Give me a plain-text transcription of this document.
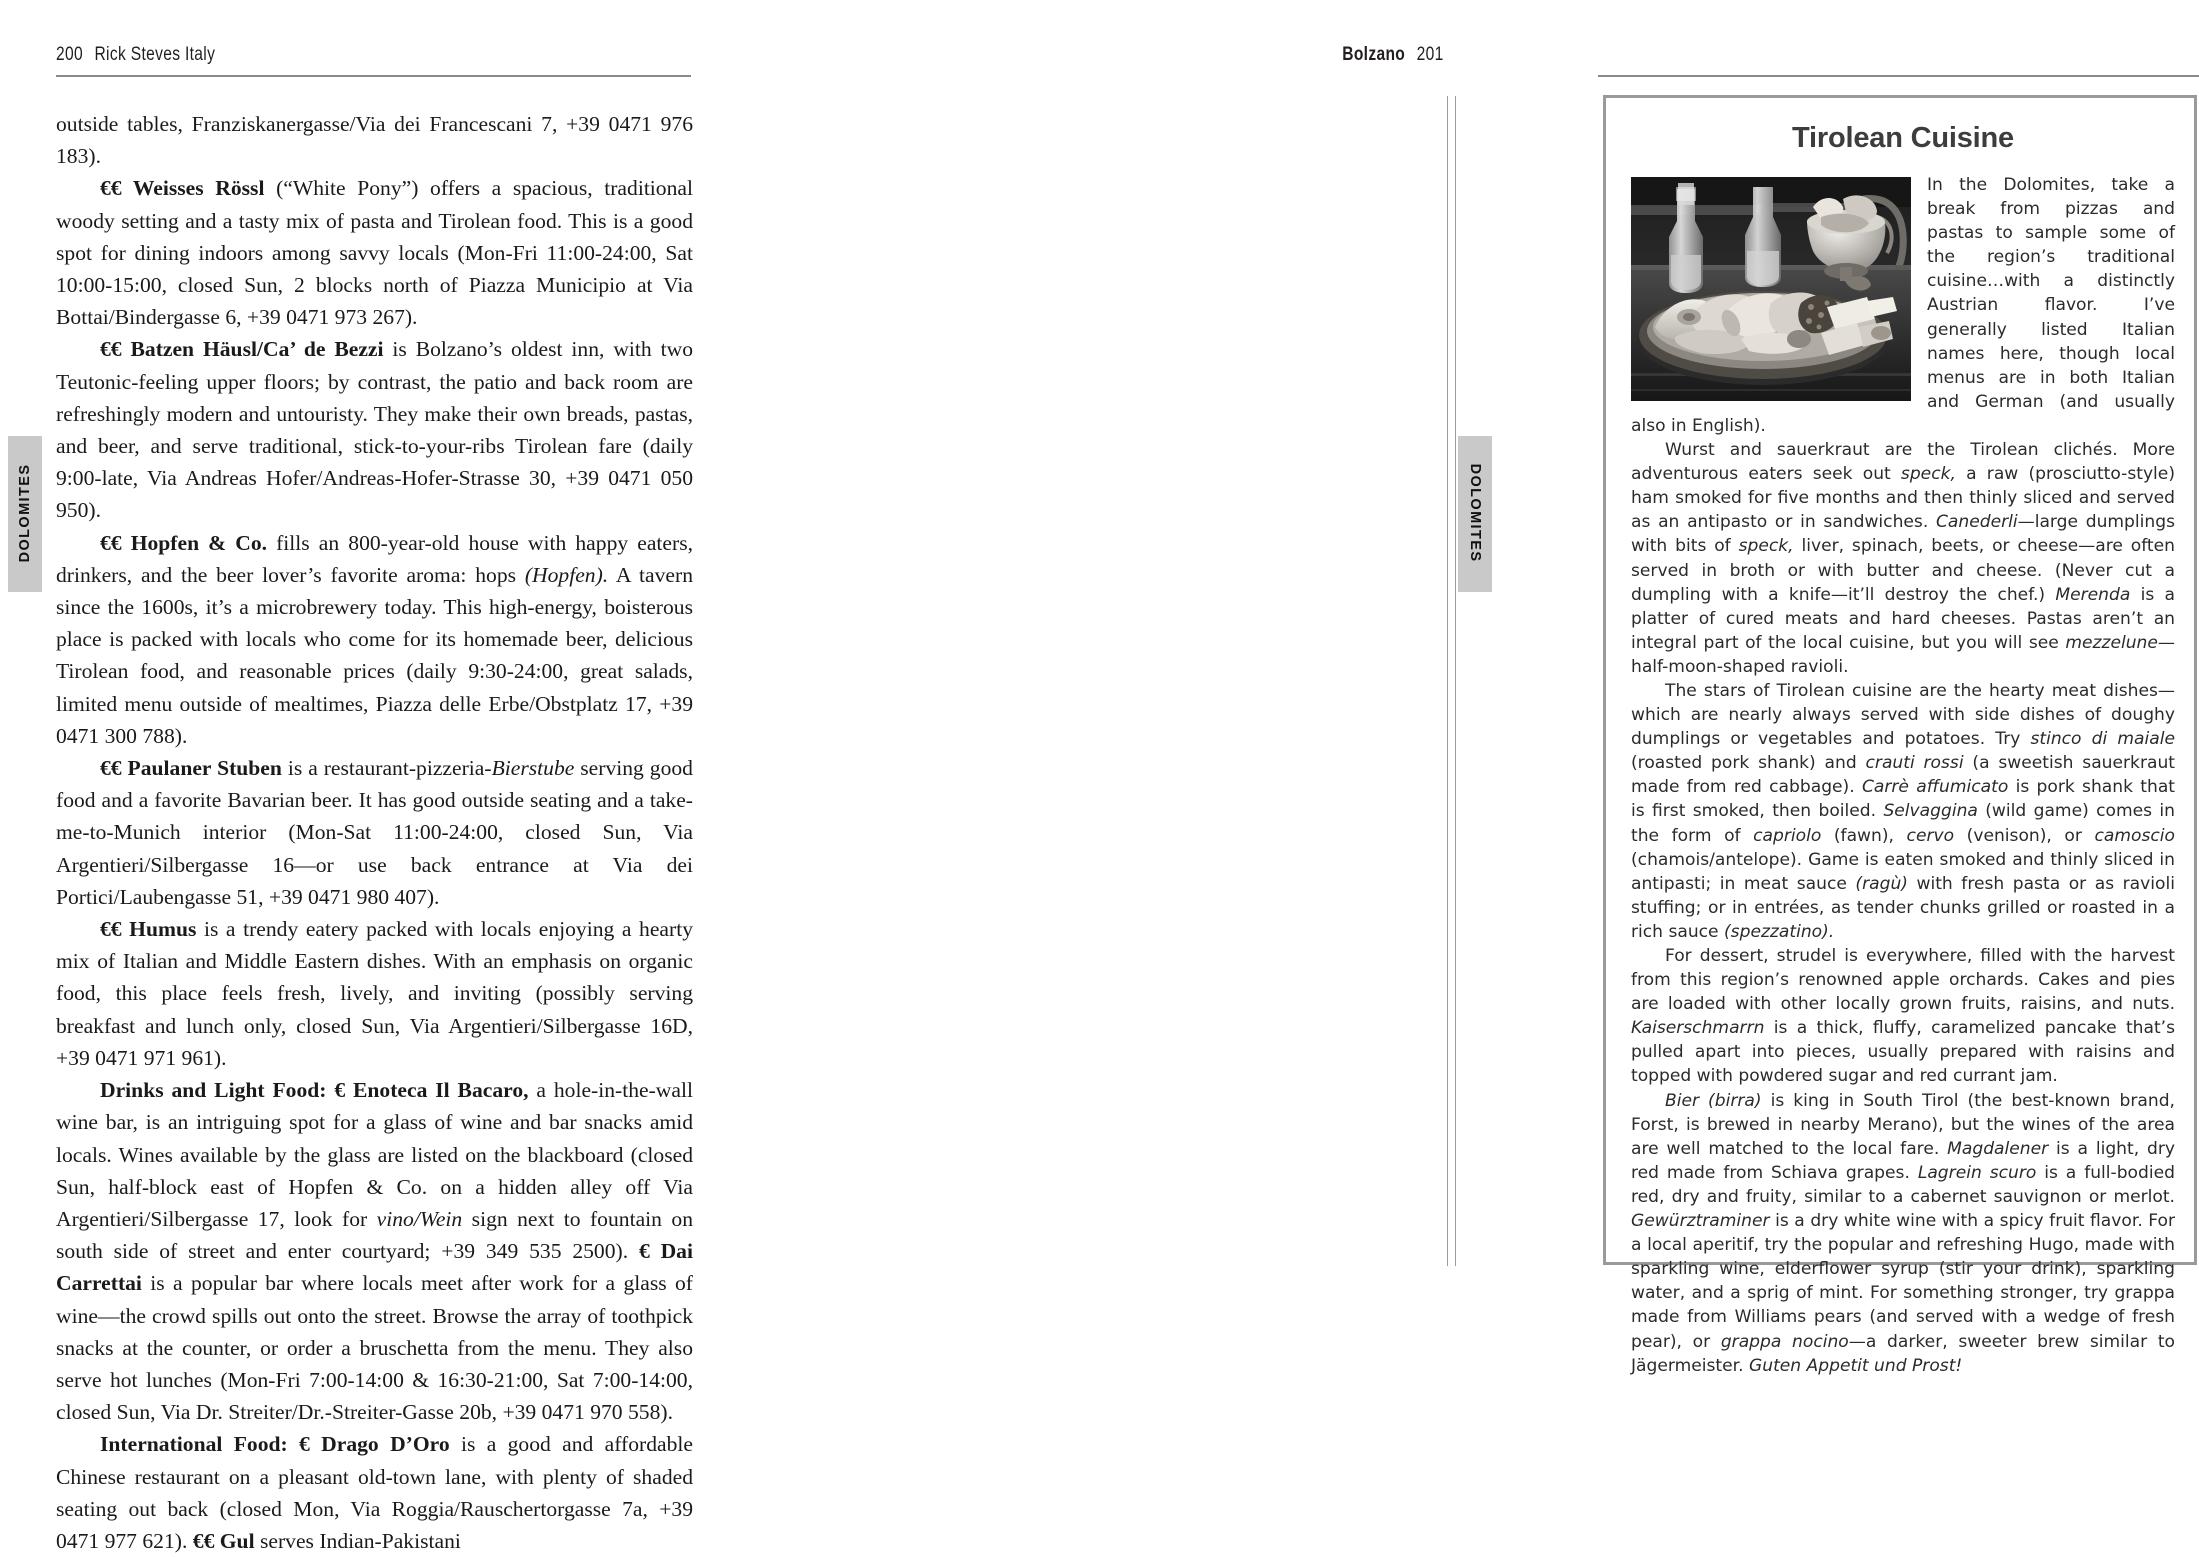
200 Rick Steves Italy
DOLOMITES

outside tables, Franziskanergasse/Via dei Francescani 7, +39 0471 976 183).

€€ Weisses Rössl (“White Pony”) offers a spacious, traditional woody setting and a tasty mix of pasta and Tirolean food. This is a good spot for dining indoors among savvy locals (Mon-Fri 11:00-24:00, Sat 10:00-15:00, closed Sun, 2 blocks north of Piazza Municipio at Via Bottai/Bindergasse 6, +39 0471 973 267).

€€ Batzen Häusl/Ca’ de Bezzi is Bolzano’s oldest inn, with two Teutonic-feeling upper floors; by contrast, the patio and back room are refreshingly modern and untouristy. They make their own breads, pastas, and beer, and serve traditional, stick-to-your-ribs Tirolean fare (daily 9:00-late, Via Andreas Hofer/Andreas-Hofer-Strasse 30, +39 0471 050 950).

€€ Hopfen & Co. fills an 800-year-old house with happy eaters, drinkers, and the beer lover’s favorite aroma: hops (Hopfen). A tavern since the 1600s, it’s a microbrewery today. This high-energy, boisterous place is packed with locals who come for its homemade beer, delicious Tirolean food, and reasonable prices (daily 9:30-24:00, great salads, limited menu outside of mealtimes, Piazza delle Erbe/Obstplatz 17, +39 0471 300 788).

€€ Paulaner Stuben is a restaurant-pizzeria-Bierstube serving good food and a favorite Bavarian beer. It has good outside seating and a take-me-to-Munich interior (Mon-Sat 11:00-24:00, closed Sun, Via Argentieri/Silbergasse 16—or use back entrance at Via dei Portici/Laubengasse 51, +39 0471 980 407).

€€ Humus is a trendy eatery packed with locals enjoying a hearty mix of Italian and Middle Eastern dishes. With an emphasis on organic food, this place feels fresh, lively, and inviting (possibly serving breakfast and lunch only, closed Sun, Via Argentieri/Silbergasse 16D, +39 0471 971 961).

Drinks and Light Food: € Enoteca Il Bacaro, a hole-in-the-wall wine bar, is an intriguing spot for a glass of wine and bar snacks amid locals. Wines available by the glass are listed on the blackboard (closed Sun, half-block east of Hopfen & Co. on a hidden alley off Via Argentieri/Silbergasse 17, look for vino/Wein sign next to fountain on south side of street and enter courtyard; +39 349 535 2500). € Dai Carrettai is a popular bar where locals meet after work for a glass of wine—the crowd spills out onto the street. Browse the array of toothpick snacks at the counter, or order a bruschetta from the menu. They also serve hot lunches (Mon-Fri 7:00-14:00 & 16:30-21:00, Sat 7:00-14:00, closed Sun, Via Dr. Streiter/Dr.-Streiter-Gasse 20b, +39 0471 970 558).

International Food: € Drago D’Oro is a good and affordable Chinese restaurant on a pleasant old-town lane, with plenty of shaded seating out back (closed Mon, Via Roggia/Rauschertorgasse 7a, +39 0471 977 621). €€ Gul serves Indian-Pakistani

Bolzano 201
DOLOMITES
Tirolean Cuisine

In the Dolomites, take a break from pizzas and pastas to sample some of the region’s traditional cuisine…with a distinctly Austrian flavor. I’ve generally listed Italian names here, though local menus are in both Italian and German (and usually also in English).

Wurst and sauerkraut are the Tirolean clichés. More adventurous eaters seek out speck, a raw (prosciutto-style) ham smoked for five months and then thinly sliced and served as an antipasto or in sandwiches. Canederli—large dumplings with bits of speck, liver, spinach, beets, or cheese—are often served in broth or with butter and cheese. (Never cut a dumpling with a knife—it’ll destroy the chef.) Merenda is a platter of cured meats and hard cheeses. Pastas aren’t an integral part of the local cuisine, but you will see mezzelune—half-moon-shaped ravioli.

The stars of Tirolean cuisine are the hearty meat dishes—which are nearly always served with side dishes of doughy dumplings or vegetables and potatoes. Try stinco di maiale (roasted pork shank) and crauti rossi (a sweetish sauerkraut made from red cabbage). Carrè affumicato is pork shank that is first smoked, then boiled. Selvaggina (wild game) comes in the form of capriolo (fawn), cervo (venison), or camoscio (chamois/antelope). Game is eaten smoked and thinly sliced in antipasti; in meat sauce (ragù) with fresh pasta or as ravioli stuffing; or in entrées, as tender chunks grilled or roasted in a rich sauce (spezzatino).

For dessert, strudel is everywhere, filled with the harvest from this region’s renowned apple orchards. Cakes and pies are loaded with other locally grown fruits, raisins, and nuts. Kaiserschmarrn is a thick, fluffy, caramelized pancake that’s pulled apart into pieces, usually prepared with raisins and topped with powdered sugar and red currant jam.

Bier (birra) is king in South Tirol (the best-known brand, Forst, is brewed in nearby Merano), but the wines of the area are well matched to the local fare. Magdalener is a light, dry red made from Schiava grapes. Lagrein scuro is a full-bodied red, dry and fruity, similar to a cabernet sauvignon or merlot. Gewürztraminer is a dry white wine with a spicy fruit flavor. For a local aperitif, try the popular and refreshing Hugo, made with sparkling wine, elderflower syrup (stir your drink), sparkling water, and a sprig of mint. For something stronger, try grappa made from Williams pears (and served with a wedge of fresh pear), or grappa nocino—a darker, sweeter brew similar to Jägermeister. Guten Appetit und Prost!
